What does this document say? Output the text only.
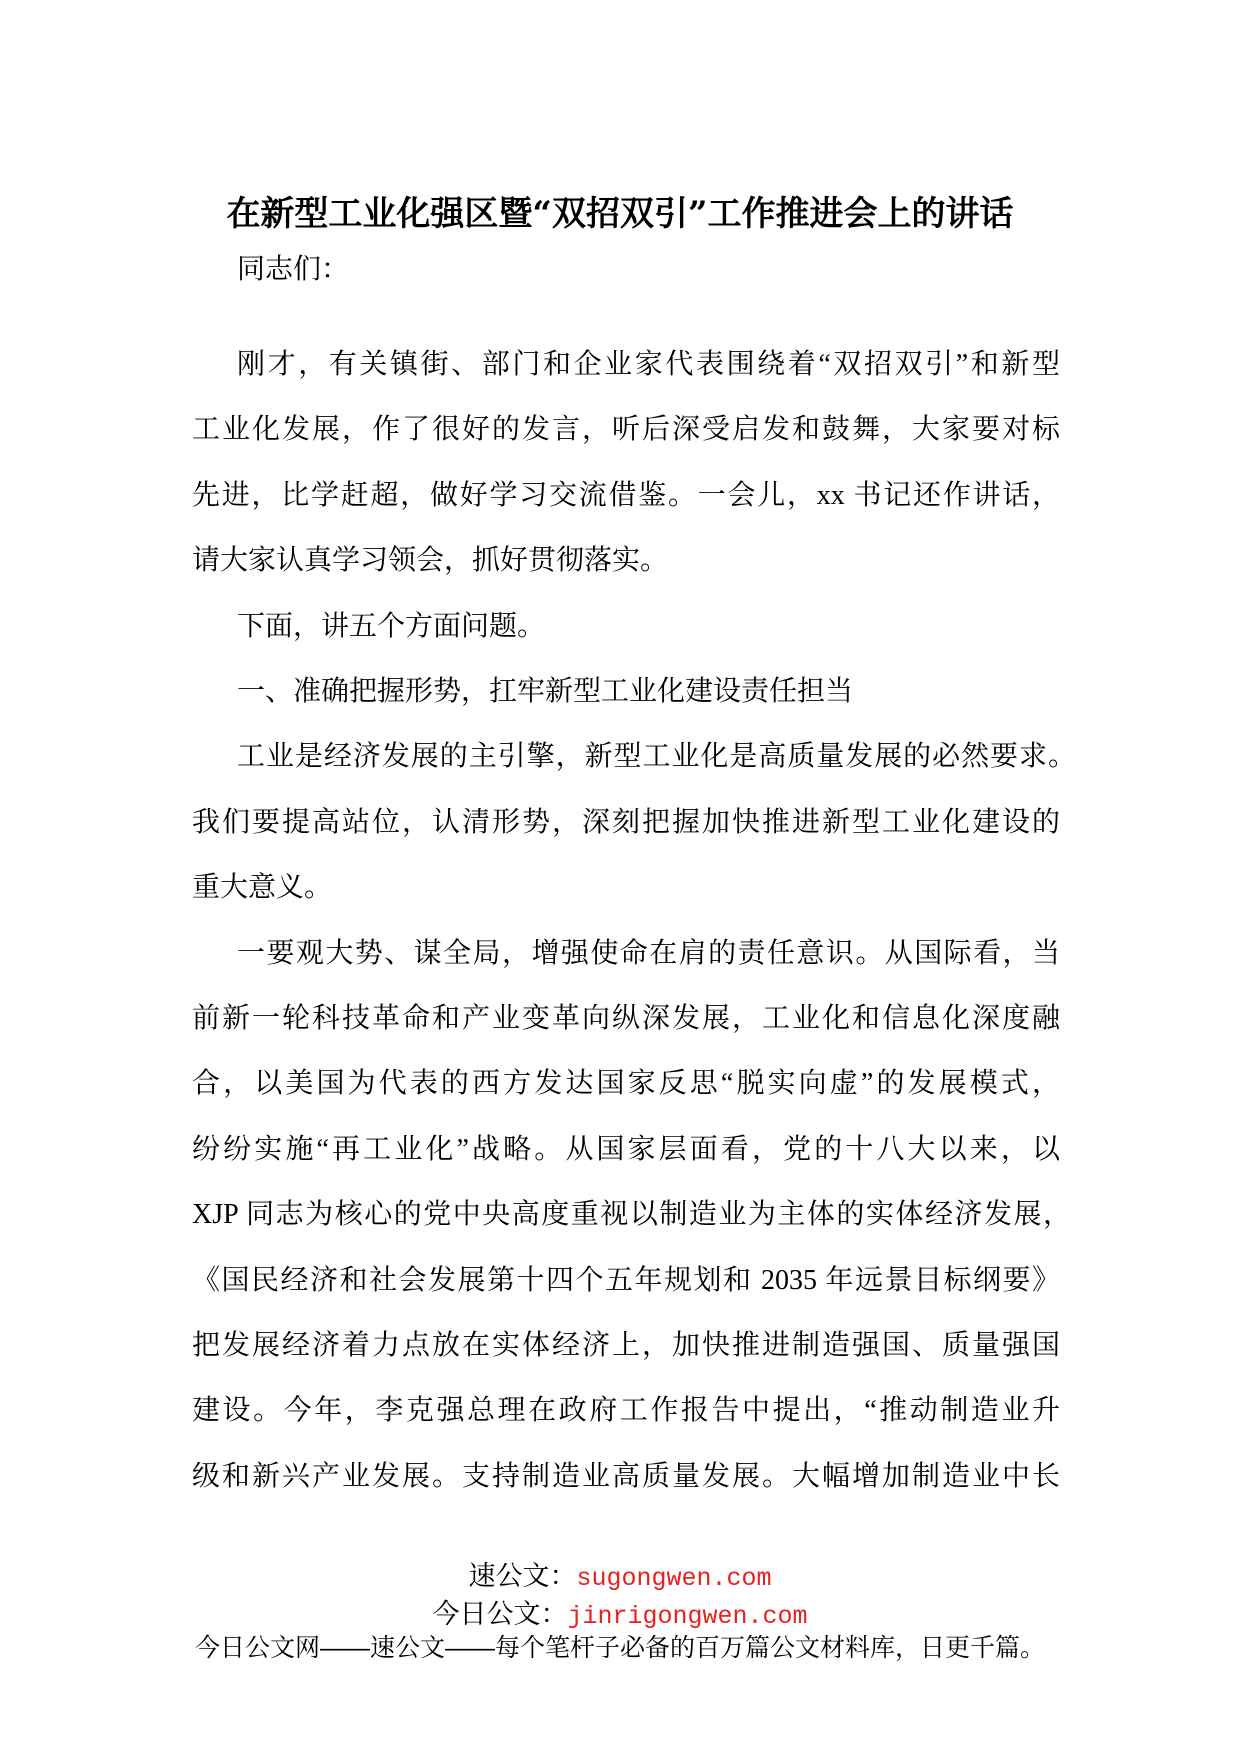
在新型工业化强区暨“双招双引”工作推进会上的讲话
同志们：
刚才，有关镇街、部门和企业家代表围绕着“双招双引”和新型
工业化发展，作了很好的发言，听后深受启发和鼓舞，大家要对标
先进，比学赶超，做好学习交流借鉴。一会儿，xx 书记还作讲话，
请大家认真学习领会，抓好贯彻落实。
下面，讲五个方面问题。
一、准确把握形势，扛牢新型工业化建设责任担当
工业是经济发展的主引擎，新型工业化是高质量发展的必然要求。
我们要提高站位，认清形势，深刻把握加快推进新型工业化建设的
重大意义。
一要观大势、谋全局，增强使命在肩的责任意识。从国际看，当
前新一轮科技革命和产业变革向纵深发展，工业化和信息化深度融
合，以美国为代表的西方发达国家反思“脱实向虚”的发展模式，
纷纷实施“再工业化”战略。从国家层面看，党的十八大以来，以
XJP 同志为核心的党中央高度重视以制造业为主体的实体经济发展，
《国民经济和社会发展第十四个五年规划和 2035 年远景目标纲要》
把发展经济着力点放在实体经济上，加快推进制造强国、质量强国
建设。今年，李克强总理在政府工作报告中提出，“推动制造业升
级和新兴产业发展。支持制造业高质量发展。大幅增加制造业中长
速公文：sugongwen.com
今日公文：jinrigongwen.com
今日公文网——速公文——每个笔杆子必备的百万篇公文材料库，日更千篇。
